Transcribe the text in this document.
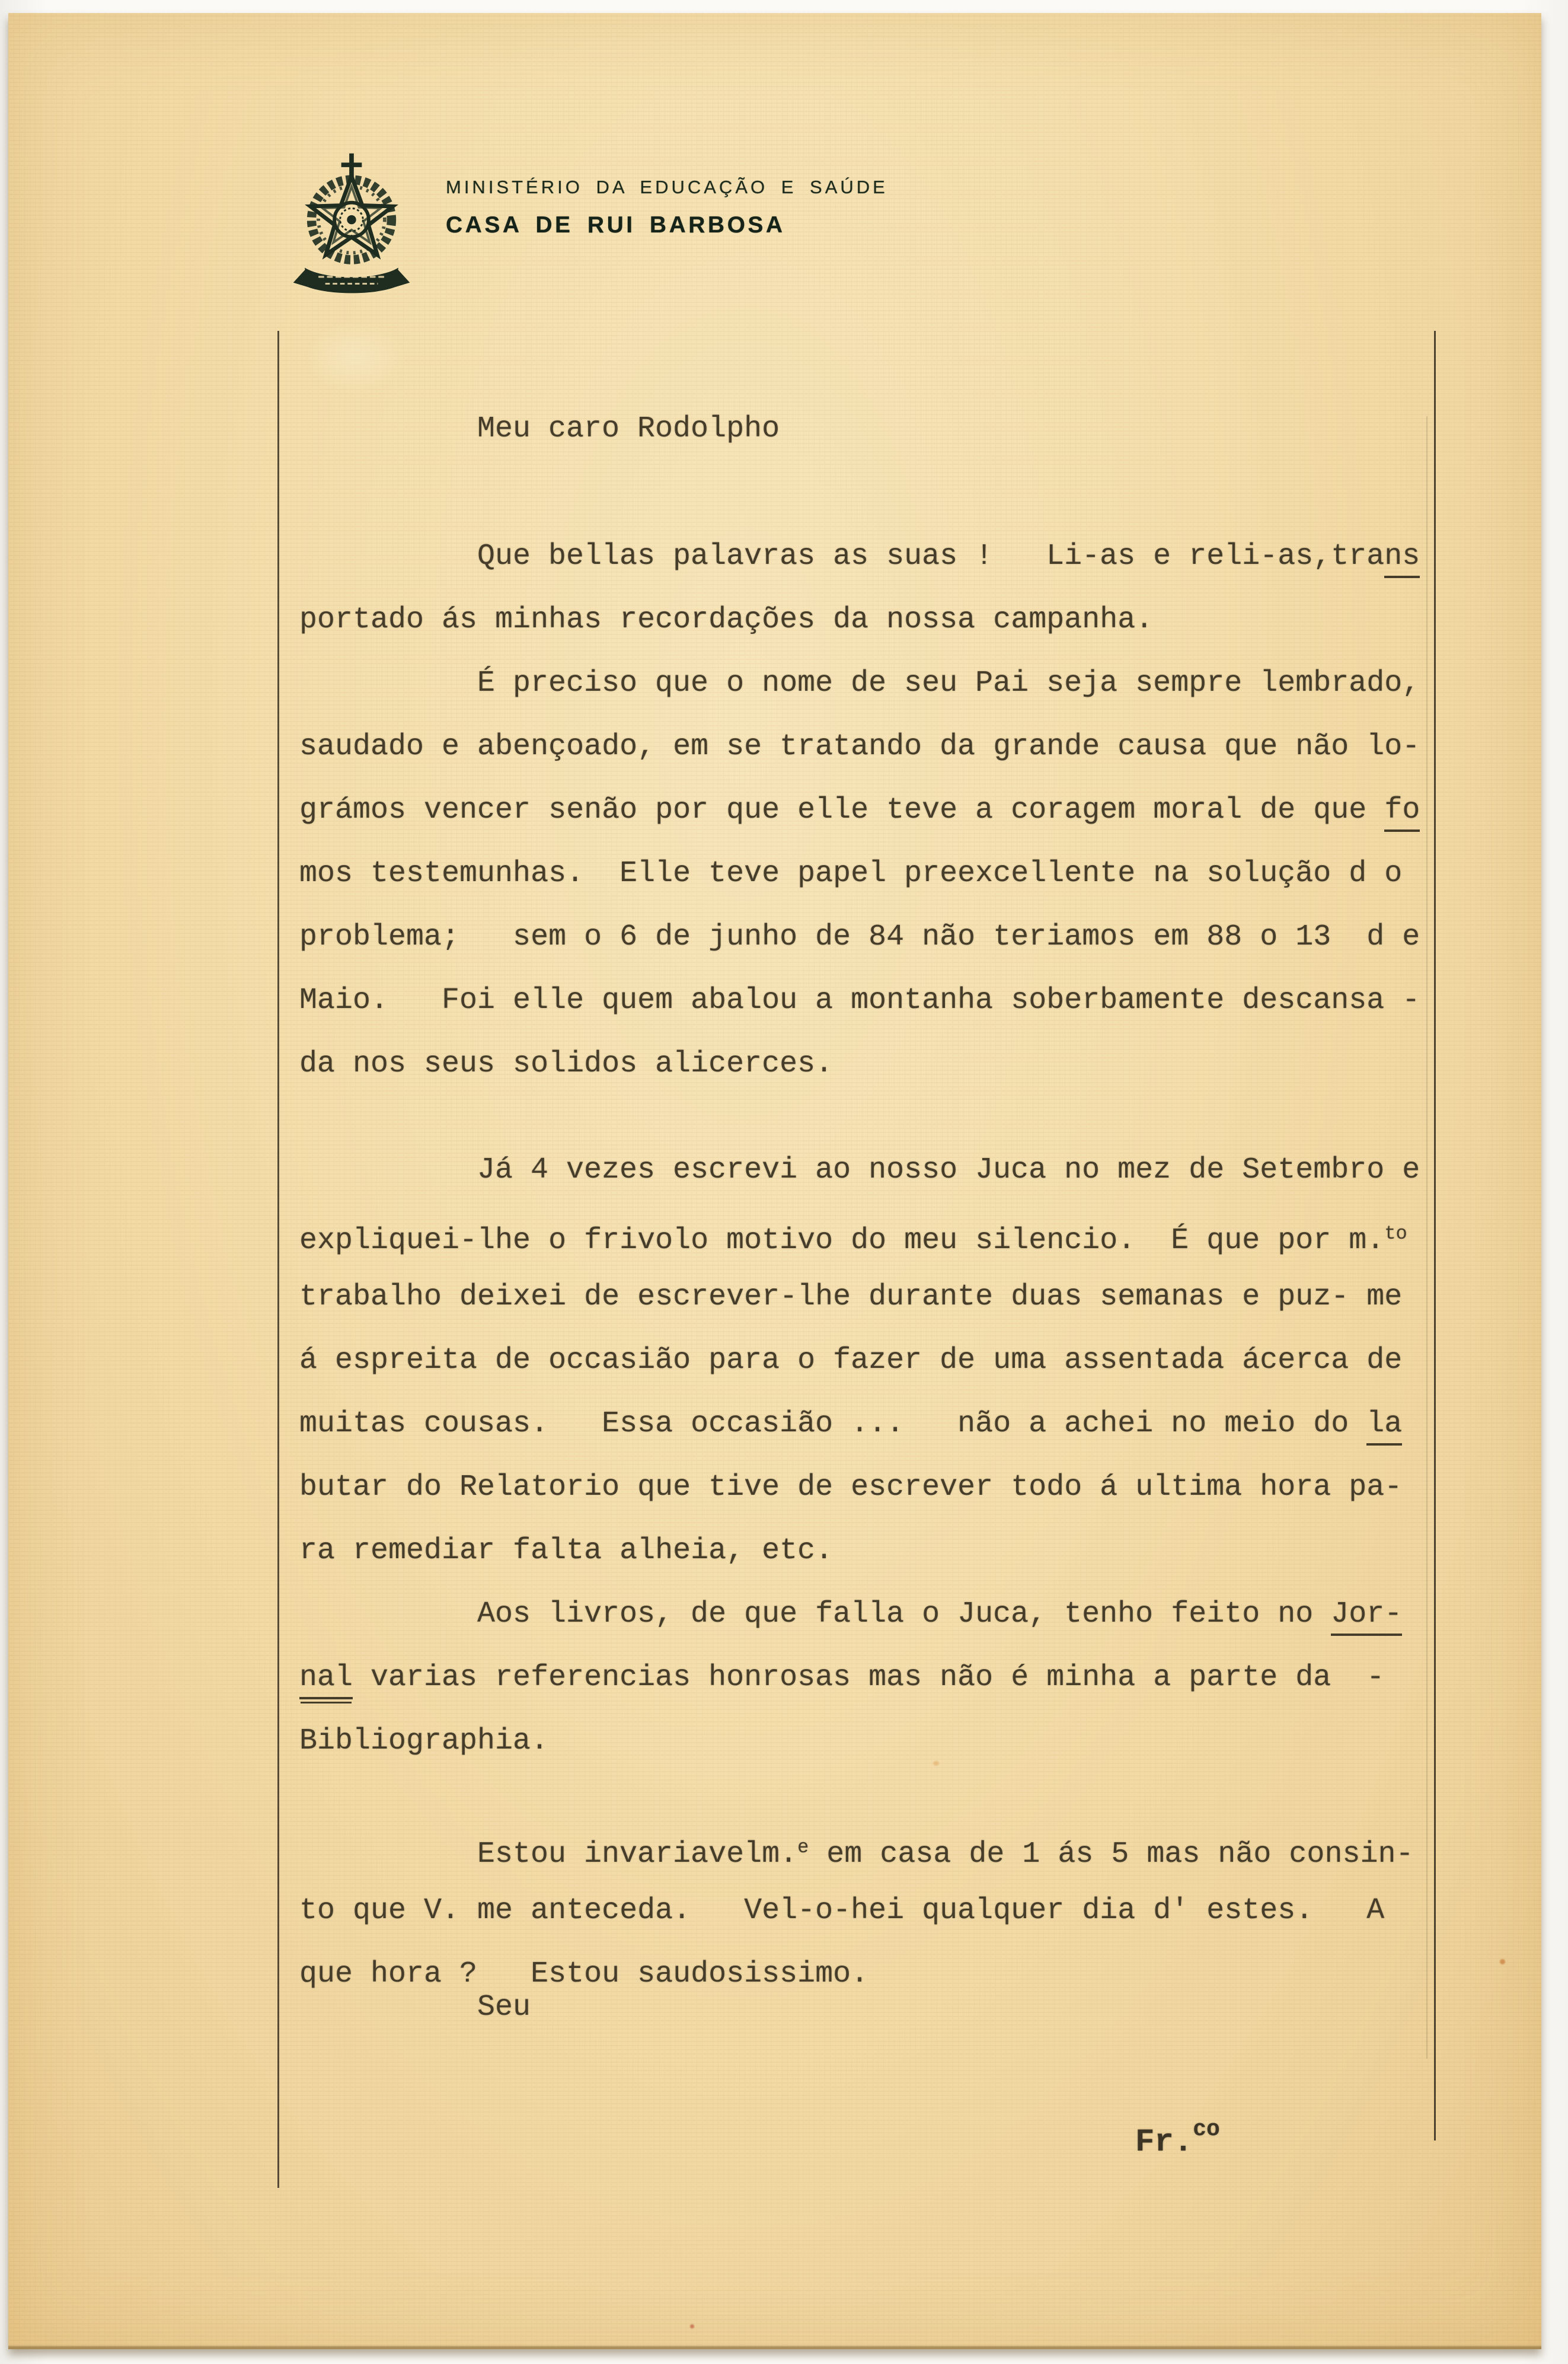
MINISTÉRIO DA EDUCAÇÃO E SAÚDE
CASA DE RUI BARBOSA
Meu caro Rodolpho
Que bellas palavras as suas !   Li-as e reli-as,trans
portado ás minhas recordações da nossa campanha.
É preciso que o nome de seu Pai seja sempre lembrado,
saudado e abençoado, em se tratando da grande causa que não lo-
grámos vencer senão por que elle teve a coragem moral de que fo
mos testemunhas.  Elle teve papel preexcellente na solução d o
problema;   sem o 6 de junho de 84 não teriamos em 88 o 13  d e
Maio.   Foi elle quem abalou a montanha soberbamente descansa -
da nos seus solidos alicerces.
Já 4 vezes escrevi ao nosso Juca no mez de Setembro e
expliquei-lhe o frivolo motivo do meu silencio.  É que por m.$^{to}$
trabalho deixei de escrever-lhe durante duas semanas e puz- me
á espreita de occasião para o fazer de uma assentada ácerca de
muitas cousas.   Essa occasião ...   não a achei no meio do la
butar do Relatorio que tive de escrever todo á ultima hora pa-
ra remediar falta alheia, etc.
Aos livros, de que falla o Juca, tenho feito no Jor-
nal varias referencias honrosas mas não é minha a parte da  -
Bibliographia.
Estou invariavelm.$^e$ em casa de 1 ás 5 mas não consin-
to que V. me anteceda.   Vel-o-hei qualquer dia d' estes.   A
que hora ?   Estou saudosissimo.
Seu
Fr.$^{co}$
